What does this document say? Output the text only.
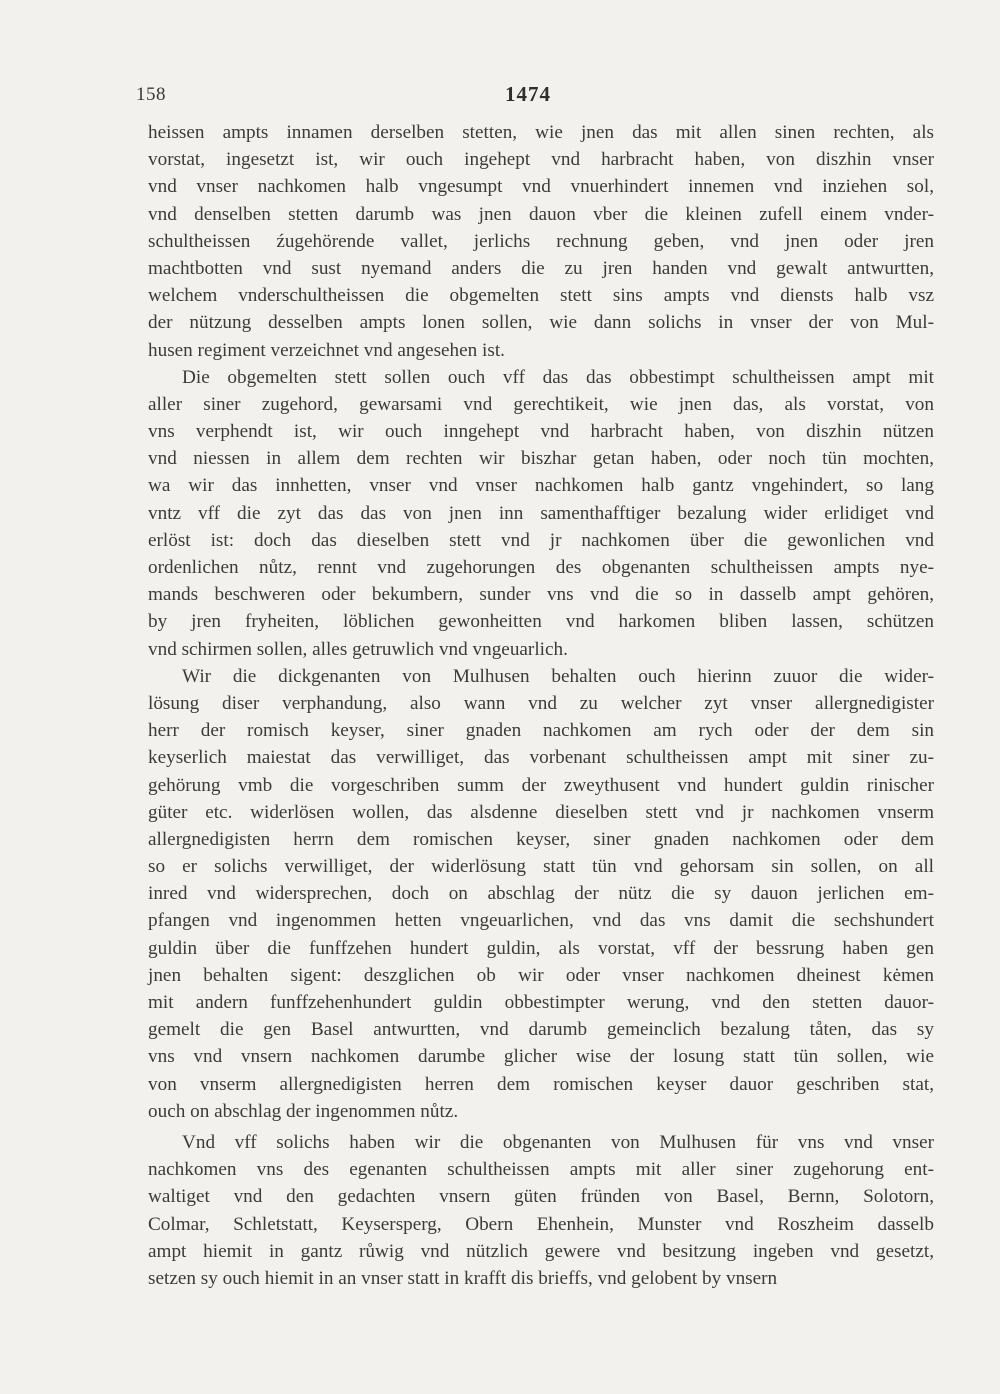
158	1474
heissen ampts innamen derselben stetten, wie jnen das mit allen sinen rechten, als
vorstat, ingesetzt ist, wir ouch ingehept vnd harbracht haben, von diszhin vnser
vnd vnser nachkomen halb vngesumpt vnd vnuerhindert innemen vnd inziehen sol,
vnd denselben stetten darumb was jnen dauon vber die kleinen zufell einem vnder-
schultheissen źugehörende vallet, jerlichs rechnung geben, vnd jnen oder jren
machtbotten vnd sust nyemand anders die zu jren handen vnd gewalt antwurtten,
welchem vnderschultheissen die obgemelten stett sins ampts vnd diensts halb vsz
der nützung desselben ampts lonen sollen, wie dann solichs in vnser der von Mul-
husen regiment verzeichnet vnd angesehen ist.
Die obgemelten stett sollen ouch vff das das obbestimpt schultheissen ampt mit
aller siner zugehord, gewarsami vnd gerechtikeit, wie jnen das, als vorstat, von
vns verphendt ist, wir ouch inngehept vnd harbracht haben, von diszhin nützen
vnd niessen in allem dem rechten wir biszhar getan haben, oder noch tün mochten,
wa wir das innhetten, vnser vnd vnser nachkomen halb gantz vngehindert, so lang
vntz vff die zyt das das von jnen inn samenthafftiger bezalung wider erlidiget vnd
erlöst ist: doch das dieselben stett vnd jr nachkomen über die gewonlichen vnd
ordenlichen nůtz, rennt vnd zugehorungen des obgenanten schultheissen ampts nye-
mands beschweren oder bekumbern, sunder vns vnd die so in dasselb ampt gehören,
by jren fryheiten, löblichen gewonheitten vnd harkomen bliben lassen, schützen
vnd schirmen sollen, alles getruwlich vnd vngeuarlich.
Wir die dickgenanten von Mulhusen behalten ouch hierinn zuuor die wider-
lösung diser verphandung, also wann vnd zu welcher zyt vnser allergnedigister
herr der romisch keyser, siner gnaden nachkomen am rych oder der dem sin
keyserlich maiestat das verwilliget, das vorbenant schultheissen ampt mit siner zu-
gehörung vmb die vorgeschriben summ der zweythusent vnd hundert guldin rinischer
güter etc. widerlösen wollen, das alsdenne dieselben stett vnd jr nachkomen vnserm
allergnedigisten herrn dem romischen keyser, siner gnaden nachkomen oder dem
so er solichs verwilliget, der widerlösung statt tün vnd gehorsam sin sollen, on all
inred vnd widersprechen, doch on abschlag der nütz die sy dauon jerlichen em-
pfangen vnd ingenommen hetten vngeuarlichen, vnd das vns damit die sechshundert
guldin über die funffzehen hundert guldin, als vorstat, vff der bessrung haben gen
jnen behalten sigent: deszglichen ob wir oder vnser nachkomen dheinest kėmen
mit andern funffzehenhundert guldin obbestimpter werung, vnd den stetten dauor-
gemelt die gen Basel antwurtten, vnd darumb gemeinclich bezalung tåten, das sy
vns vnd vnsern nachkomen darumbe glicher wise der losung statt tün sollen, wie
von vnserm allergnedigisten herren dem romischen keyser dauor geschriben stat,
ouch on abschlag der ingenommen nůtz.
Vnd vff solichs haben wir die obgenanten von Mulhusen für vns vnd vnser
nachkomen vns des egenanten schultheissen ampts mit aller siner zugehorung ent-
waltiget vnd den gedachten vnsern güten fründen von Basel, Bernn, Solotorn,
Colmar, Schletstatt, Keysersperg, Obern Ehenhein, Munster vnd Roszheim dasselb
ampt hiemit in gantz růwig vnd nützlich gewere vnd besitzung ingeben vnd gesetzt,
setzen sy ouch hiemit in an vnser statt in krafft dis brieffs, vnd gelobent by vnsern
